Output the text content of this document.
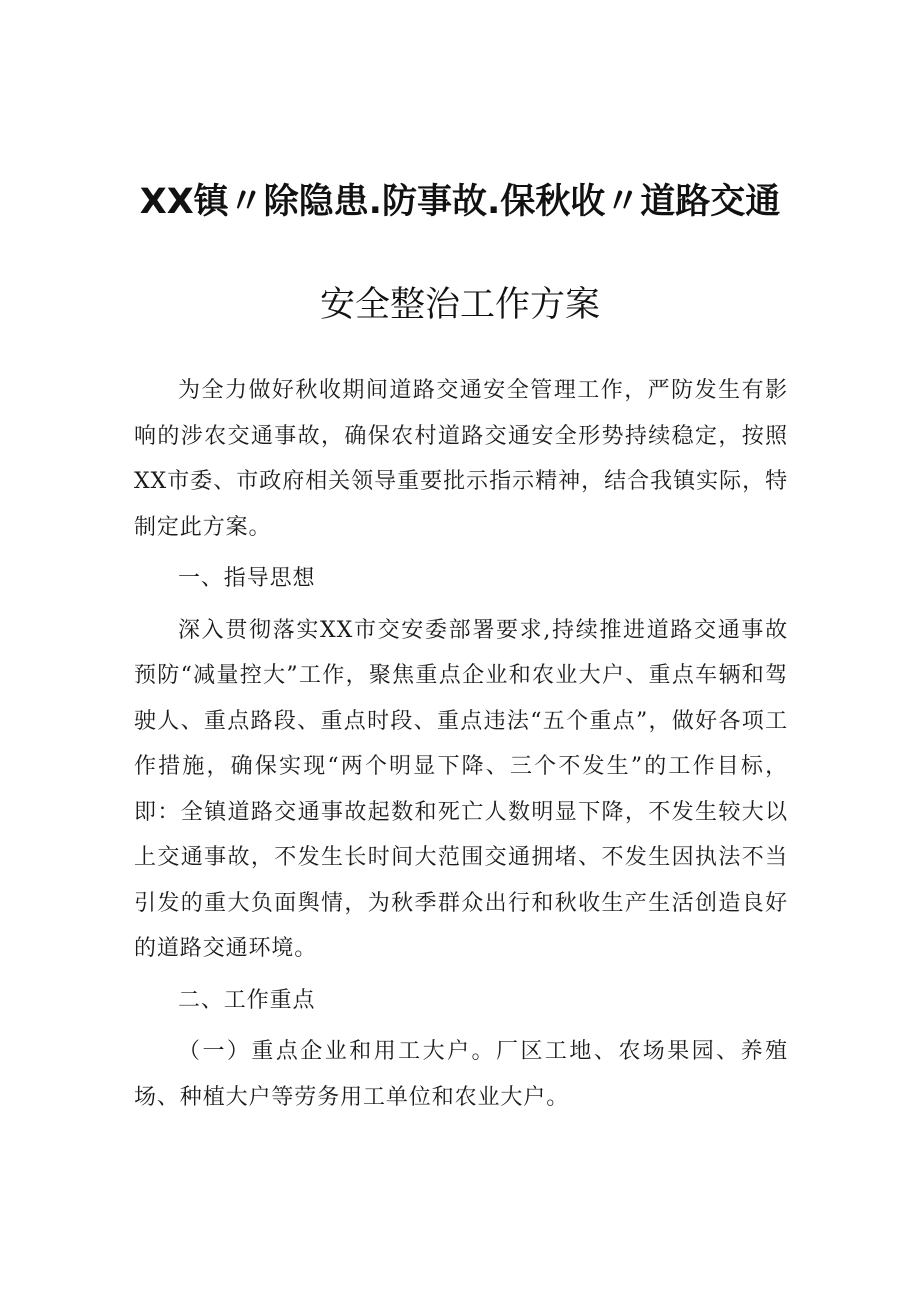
XX镇〃除隐患.防事故.保秋收〃道路交通
安全整治工作方案

为全力做好秋收期间道路交通安全管理工作，严防发生有影响的涉农交通事故，确保农村道路交通安全形势持续稳定，按照XX市委、市政府相关领导重要批示指示精神，结合我镇实际，特制定此方案。

一、指导思想

深入贯彻落实XX市交安委部署要求,持续推进道路交通事故预防“减量控大”工作，聚焦重点企业和农业大户、重点车辆和驾驶人、重点路段、重点时段、重点违法“五个重点”，做好各项工作措施，确保实现“两个明显下降、三个不发生”的工作目标，即：全镇道路交通事故起数和死亡人数明显下降，不发生较大以上交通事故，不发生长时间大范围交通拥堵、不发生因执法不当引发的重大负面舆情，为秋季群众出行和秋收生产生活创造良好的道路交通环境。

二、工作重点

（一）重点企业和用工大户。厂区工地、农场果园、养殖场、种植大户等劳务用工单位和农业大户。
